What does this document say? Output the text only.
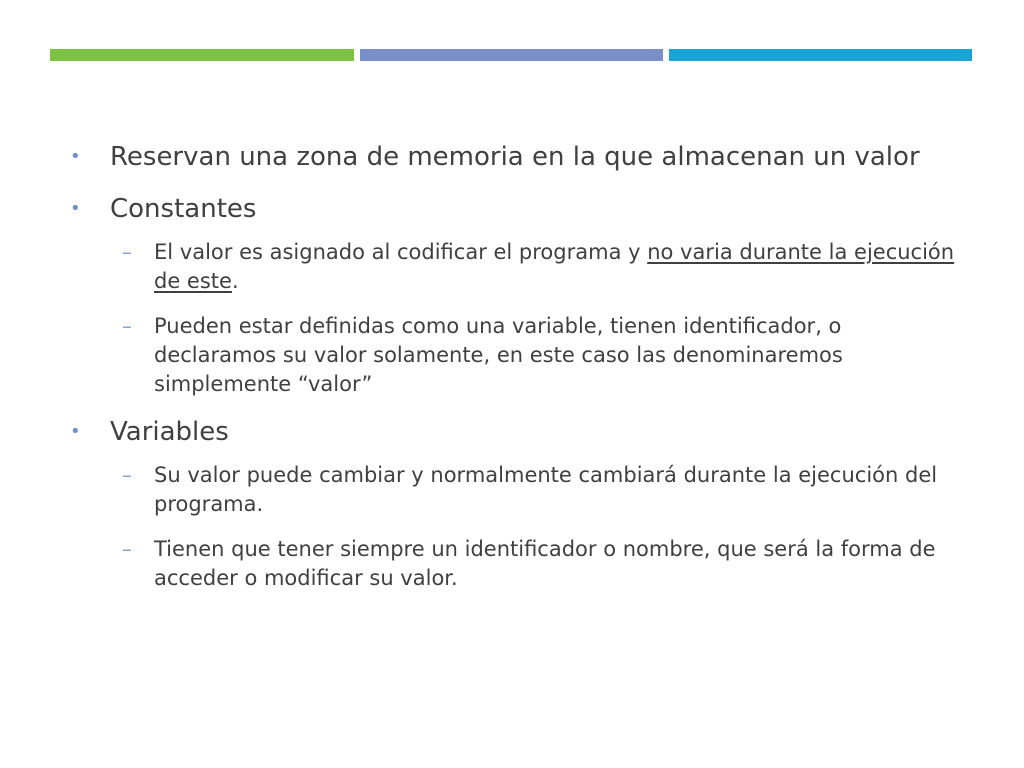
• Reservan una zona de memoria en la que almacenan un valor
• Constantes
– El valor es asignado al codificar el programa y no varia durante la ejecución de este.
– Pueden estar definidas como una variable, tienen identificador, o declaramos su valor solamente, en este caso las denominaremos simplemente “valor”
• Variables
– Su valor puede cambiar y normalmente cambiará durante la ejecución del programa.
– Tienen que tener siempre un identificador o nombre, que será la forma de acceder o modificar su valor.
